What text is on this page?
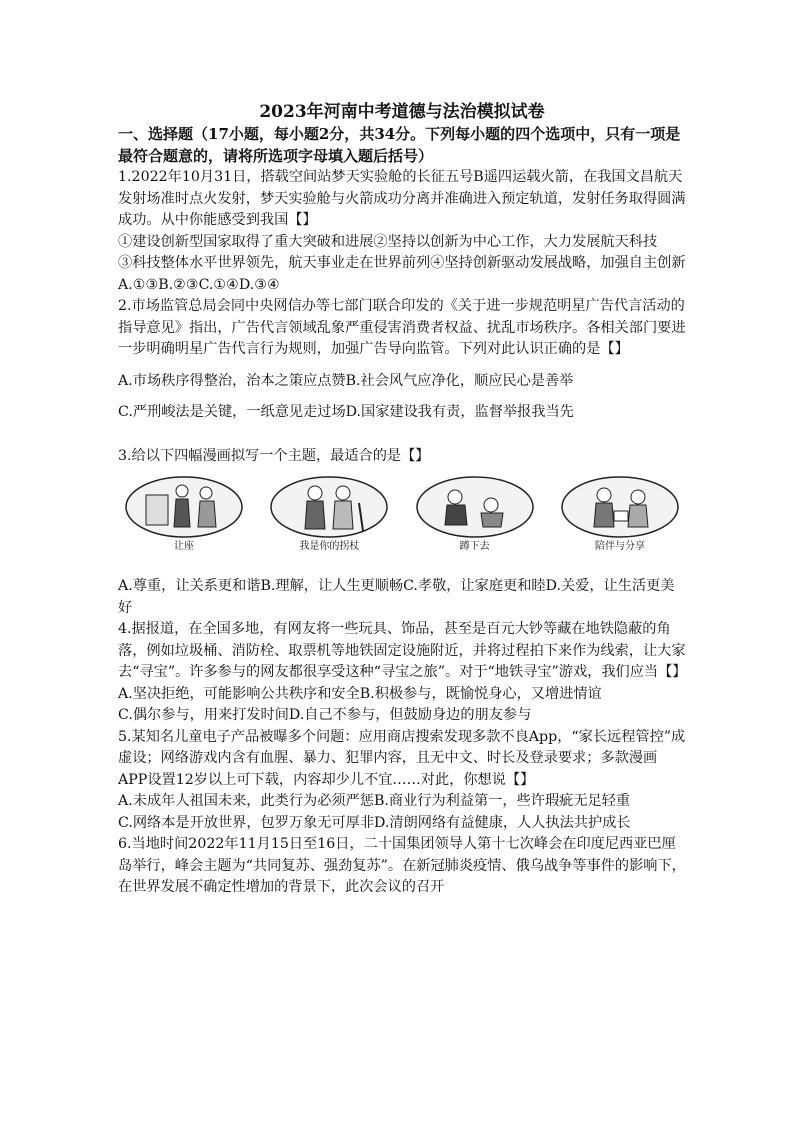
2023年河南中考道德与法治模拟试卷
一、选择题（17小题，每小题2分，共34分。下列每小题的四个选项中，只有一项是最符合题意的，请将所选项字母填入题后括号）

1.2022年10月31日，搭载空间站梦天实验舱的长征五号B遥四运载火箭，在我国文昌航天发射场准时点火发射，梦天实验舱与火箭成功分离并准确进入预定轨道，发射任务取得圆满成功。从中你能感受到我国【】

①建设创新型国家取得了重大突破和进展②坚持以创新为中心工作，大力发展航天科技

③科技整体水平世界领先，航天事业走在世界前列④坚持创新驱动发展战略，加强自主创新

A.①③B.②③C.①④D.③④

2.市场监管总局会同中央网信办等七部门联合印发的《关于进一步规范明星广告代言活动的指导意见》指出，广告代言领域乱象严重侵害消费者权益、扰乱市场秩序。各相关部门要进一步明确明星广告代言行为规则，加强广告导向监管。下列对此认识正确的是【】

A.市场秩序得整治，治本之策应点赞B.社会风气应净化，顺应民心是善举

C.严刑峻法是关键，一纸意见走过场D.国家建设我有责，监督举报我当先

3.给以下四幅漫画拟写一个主题，最适合的是【】

让座	我是你的拐杖	蹲下去	陪伴与分享

A.尊重，让关系更和谐B.理解，让人生更顺畅C.孝敬，让家庭更和睦D.关爱，让生活更美好

4.据报道，在全国多地，有网友将一些玩具、饰品，甚至是百元大钞等藏在地铁隐蔽的角落，例如垃圾桶、消防栓、取票机等地铁固定设施附近，并将过程拍下来作为线索，让大家去“寻宝”。许多参与的网友都很享受这种“寻宝之旅”。对于“地铁寻宝”游戏，我们应当【】

A.坚决拒绝，可能影响公共秩序和安全B.积极参与，既愉悦身心，又增进情谊

C.偶尔参与，用来打发时间D.自己不参与，但鼓励身边的朋友参与

5.某知名儿童电子产品被曝多个问题：应用商店搜索发现多款不良App，“家长远程管控”成虚设；网络游戏内含有血腥、暴力、犯罪内容，且无中文、时长及登录要求；多款漫画APP设置12岁以上可下载，内容却少儿不宜……对此，你想说【】

A.未成年人祖国未来，此类行为必须严惩B.商业行为利益第一，些许瑕疵无足轻重

C.网络本是开放世界，包罗万象无可厚非D.清朗网络有益健康，人人执法共护成长

6.当地时间2022年11月15日至16日，二十国集团领导人第十七次峰会在印度尼西亚巴厘岛举行，峰会主题为“共同复苏、强劲复苏”。在新冠肺炎疫情、俄乌战争等事件的影响下，在世界发展不确定性增加的背景下，此次会议的召开
